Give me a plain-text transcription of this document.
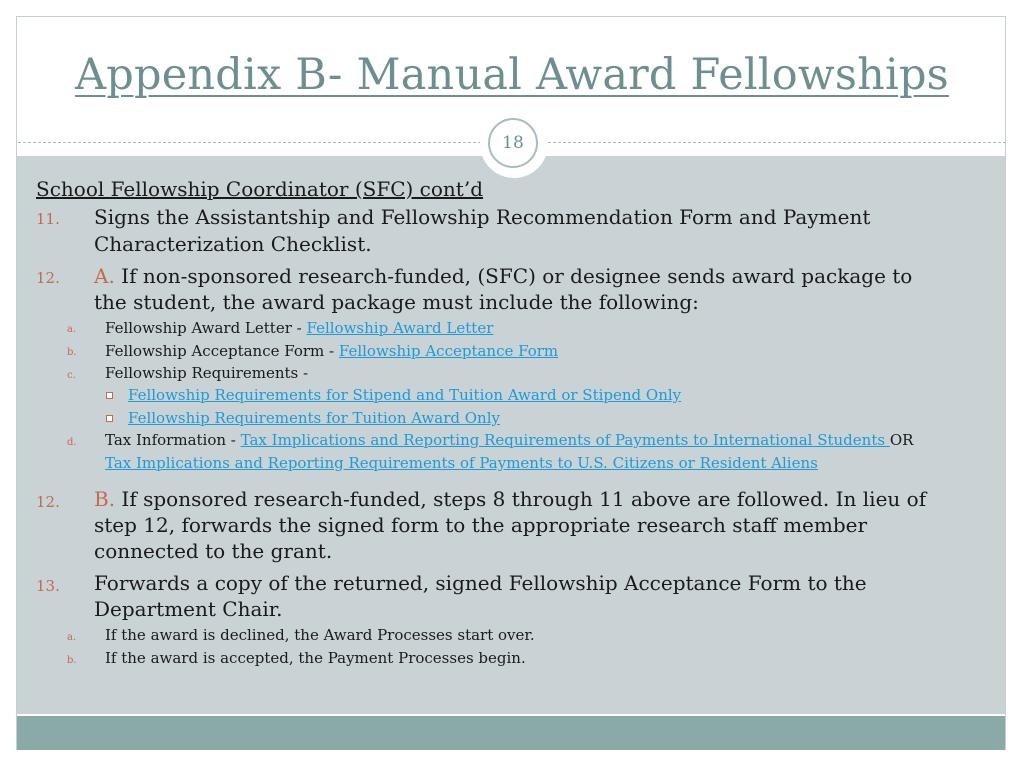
Appendix B- Manual Award Fellowships
18
School Fellowship Coordinator (SFC) cont’d
11. Signs the Assistantship and Fellowship Recommendation Form and Payment
Characterization Checklist.
12. A. If non-sponsored research-funded, (SFC) or designee sends award package to
the student, the award package must include the following:
a. Fellowship Award Letter - Fellowship Award Letter
b. Fellowship Acceptance Form - Fellowship Acceptance Form
c. Fellowship Requirements -
Fellowship Requirements for Stipend and Tuition Award or Stipend Only
Fellowship Requirements for Tuition Award Only
d. Tax Information - Tax Implications and Reporting Requirements of Payments to International Students OR
Tax Implications and Reporting Requirements of Payments to U.S. Citizens or Resident Aliens
12. B. If sponsored research-funded, steps 8 through 11 above are followed. In lieu of
step 12, forwards the signed form to the appropriate research staff member
connected to the grant.
13. Forwards a copy of the returned, signed Fellowship Acceptance Form to the
Department Chair.
a. If the award is declined, the Award Processes start over.
b. If the award is accepted, the Payment Processes begin.
